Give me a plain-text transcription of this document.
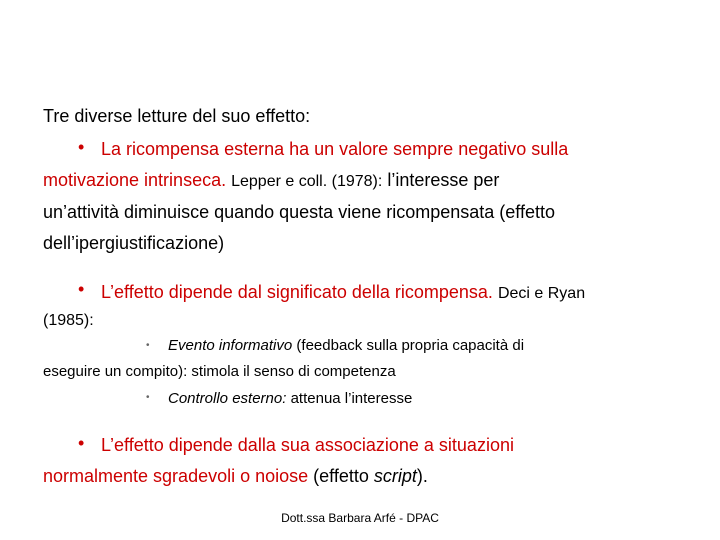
Tre diverse letture del suo effetto:
• La ricompensa esterna ha un valore sempre negativo sulla
motivazione intrinseca. Lepper e coll. (1978): l’interesse per
un’attività diminuisce quando questa viene ricompensata (effetto
dell’ipergiustificazione)
• L’effetto dipende dal significato della ricompensa. Deci e Ryan
(1985):
• Evento informativo (feedback sulla propria capacità di
eseguire un compito): stimola il senso di competenza
• Controllo esterno: attenua l’interesse
• L’effetto dipende dalla sua associazione a situazioni
normalmente sgradevoli o noiose (effetto script).
Dott.ssa Barbara Arfé - DPAC
